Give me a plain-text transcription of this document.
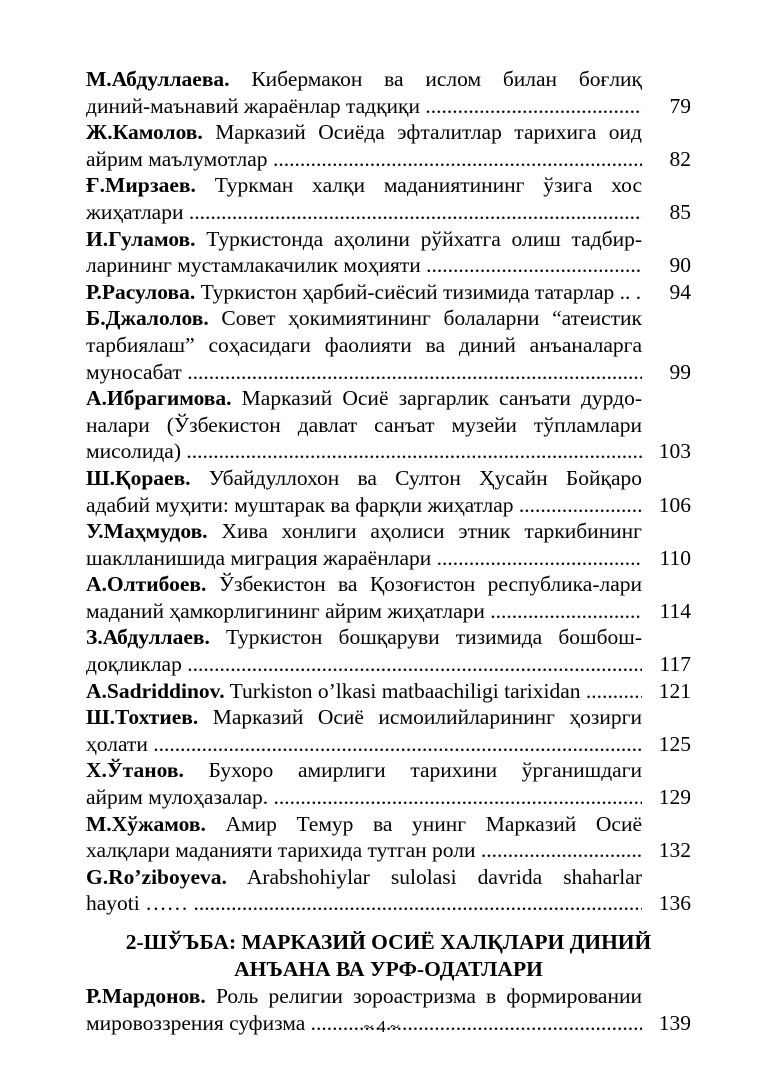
М.Абдуллаева. Кибермакон ва ислом билан боғлиқ
диний-маънавий жараёнлар тадқиқи .....	79
Ж.Камолов. Марказий Осиёда эфталитлар тарихига оид
айрим маълумотлар .....	82
Ғ.Мирзаев. Туркман халқи маданиятининг ўзига хос
жиҳатлари .....	85
И.Гуламов. Туркистонда аҳолини рўйхатга олиш тадбир-
ларининг мустамлакачилик моҳияти .....	90
Р.Расулова. Туркистон ҳарбий-сиёсий тизимида татарлар .. .....	94
Б.Джалолов. Совет ҳокимиятининг болаларни “атеистик тарбиялаш” соҳасидаги фаолияти ва диний анъаналарга
муносабат .....	99
А.Ибрагимова. Марказий Осиё заргарлик санъати дурдо- налари (Ўзбекистон давлат санъат музейи тўпламлари
мисолида) .....	103
Ш.Қораев. Убайдуллохон ва Султон Ҳусайн Бойқаро
адабий муҳити: муштарак ва фарқли жиҳатлар .....	106
У.Маҳмудов. Хива хонлиги аҳолиси этник таркибининг
шаклланишида миграция жараёнлари .....	110
А.Олтибоев. Ўзбекистон ва Қозоғистон республика-лари
маданий ҳамкорлигининг айрим жиҳатлари .....	114
З.Абдуллаев. Туркистон бошқаруви тизимида бошбош-
доқликлар .....	117
A.Sadriddinov. Turkiston o’lkasi matbaachiligi tarixidan .....	121
Ш.Тохтиев. Марказий Осиё исмоилийларининг ҳозирги
ҳолати .....	125
Х.Ўтанов. Бухоро амирлиги тарихини ўрганишдаги
айрим мулоҳазалар. .....	129
М.Хўжамов. Амир Темур ва унинг Марказий Осиё
халқлари маданияти тарихида тутган роли .....	132
G.Ro’ziboyeva. Arabshohiylar sulolasi davrida shaharlar
hayoti …… .....	136
2-ШЎЪБА: МАРКАЗИЙ ОСИЁ ХАЛҚЛАРИ ДИНИЙ
АНЪАНА ВА УРФ-ОДАТЛАРИ
Р.Мардонов. Роль религии зороастризма в формировании
мировоззрения суфизма .....	139
~ 4 ~
